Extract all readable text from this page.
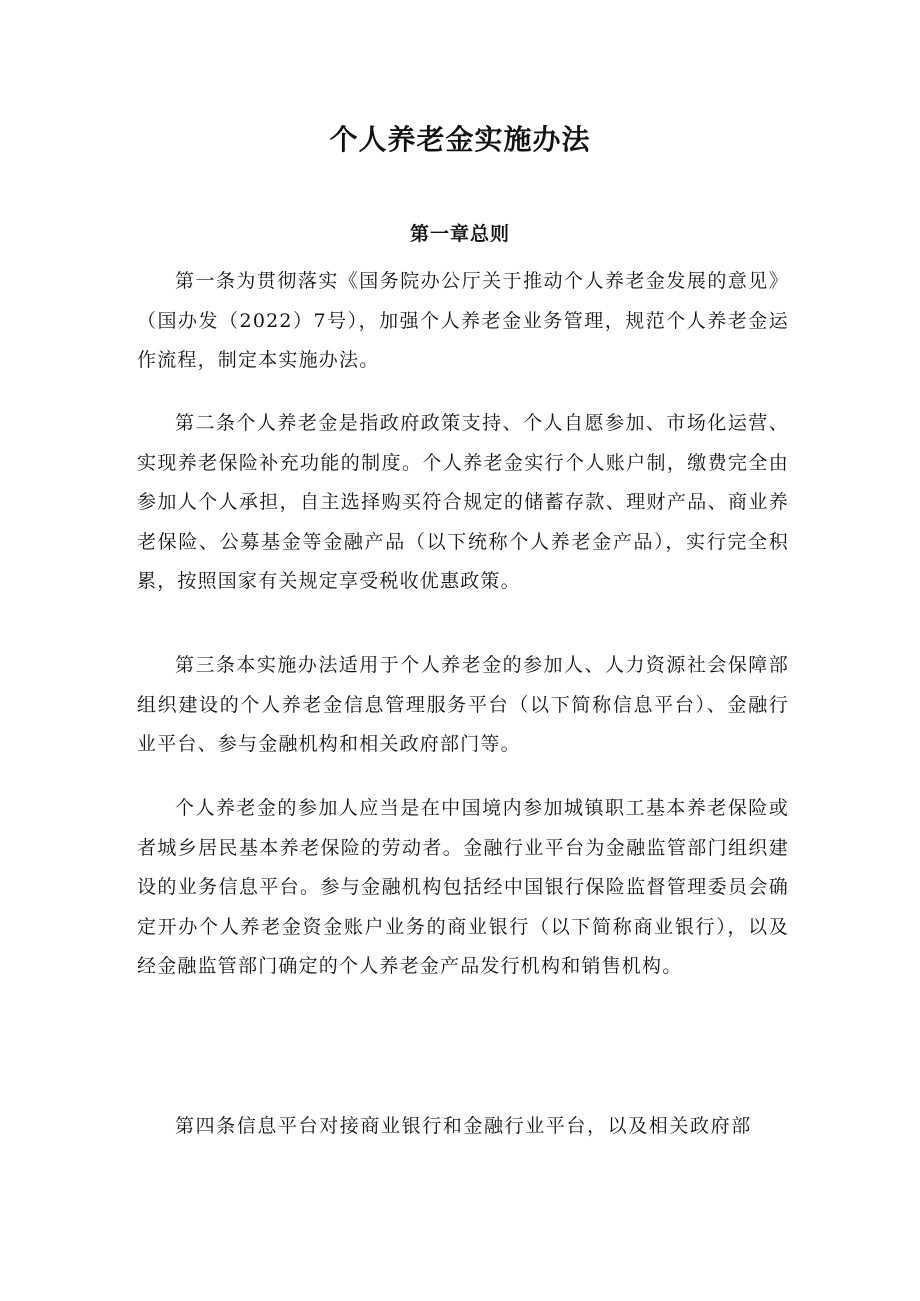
个人养老金实施办法
第一章总则

第一条为贯彻落实《国务院办公厅关于推动个人养老金发展的意见》（国办发（2022）7号），加强个人养老金业务管理，规范个人养老金运作流程，制定本实施办法。

第二条个人养老金是指政府政策支持、个人自愿参加、市场化运营、实现养老保险补充功能的制度。个人养老金实行个人账户制，缴费完全由参加人个人承担，自主选择购买符合规定的储蓄存款、理财产品、商业养老保险、公募基金等金融产品（以下统称个人养老金产品），实行完全积累，按照国家有关规定享受税收优惠政策。

第三条本实施办法适用于个人养老金的参加人、人力资源社会保障部组织建设的个人养老金信息管理服务平台（以下简称信息平台）、金融行业平台、参与金融机构和相关政府部门等。

个人养老金的参加人应当是在中国境内参加城镇职工基本养老保险或者城乡居民基本养老保险的劳动者。金融行业平台为金融监管部门组织建设的业务信息平台。参与金融机构包括经中国银行保险监督管理委员会确定开办个人养老金资金账户业务的商业银行（以下简称商业银行），以及经金融监管部门确定的个人养老金产品发行机构和销售机构。

第四条信息平台对接商业银行和金融行业平台，以及相关政府部
